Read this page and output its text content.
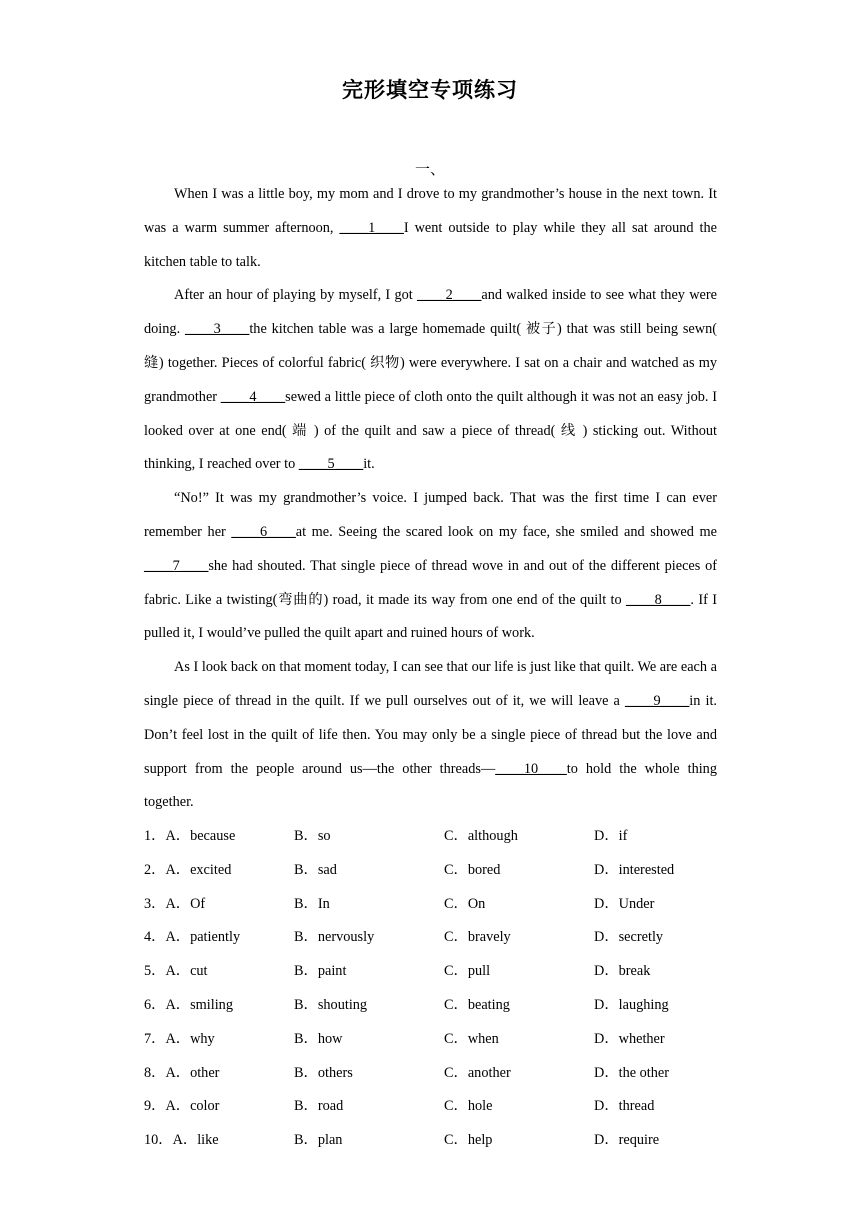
完形填空专项练习
一、

When I was a little boy, my mom and I drove to my grandmother’s house in the next town. It was a warm summer afternoon, ____1____I went outside to play while they all sat around the kitchen table to talk.

After an hour of playing by myself, I got ____2____and walked inside to see what they were doing. ____3____the kitchen table was a large homemade quilt( 被子) that was still being sewn( 缝) together. Pieces of colorful fabric( 织物) were everywhere. I sat on a chair and watched as my grandmother ____4____sewed a little piece of cloth onto the quilt although it was not an easy job. I looked over at one end( 端 ) of the quilt and saw a piece of thread( 线 ) sticking out. Without thinking, I reached over to ____5____it.

“No!” It was my grandmother’s voice. I jumped back. That was the first time I can ever remember her ____6____at me. Seeing the scared look on my face, she smiled and showed me ____7____she had shouted. That single piece of thread wove in and out of the different pieces of fabric. Like a twisting(弯曲的) road, it made its way from one end of the quilt to ____8____. If I pulled it, I would’ve pulled the quilt apart and ruined hours of work.

As I look back on that moment today, I can see that our life is just like that quilt. We are each a single piece of thread in the quilt. If we pull ourselves out of it, we will leave a ____9____in it. Don’t feel lost in the quilt of life then. You may only be a single piece of thread but the love and support from the people around us—the other threads—____10____to hold the whole thing together.

1．A．because	B．so	C．although	D．if
2．A．excited	B．sad	C．bored	D．interested
3．A．Of	B．In	C．On	D．Under
4．A．patiently	B．nervously	C．bravely	D．secretly
5．A．cut	B．paint	C．pull	D．break
6．A．smiling	B．shouting	C．beating	D．laughing
7．A．why	B．how	C．when	D．whether
8．A．other	B．others	C．another	D．the other
9．A．color	B．road	C．hole	D．thread
10．A．like	B．plan	C．help	D．require
